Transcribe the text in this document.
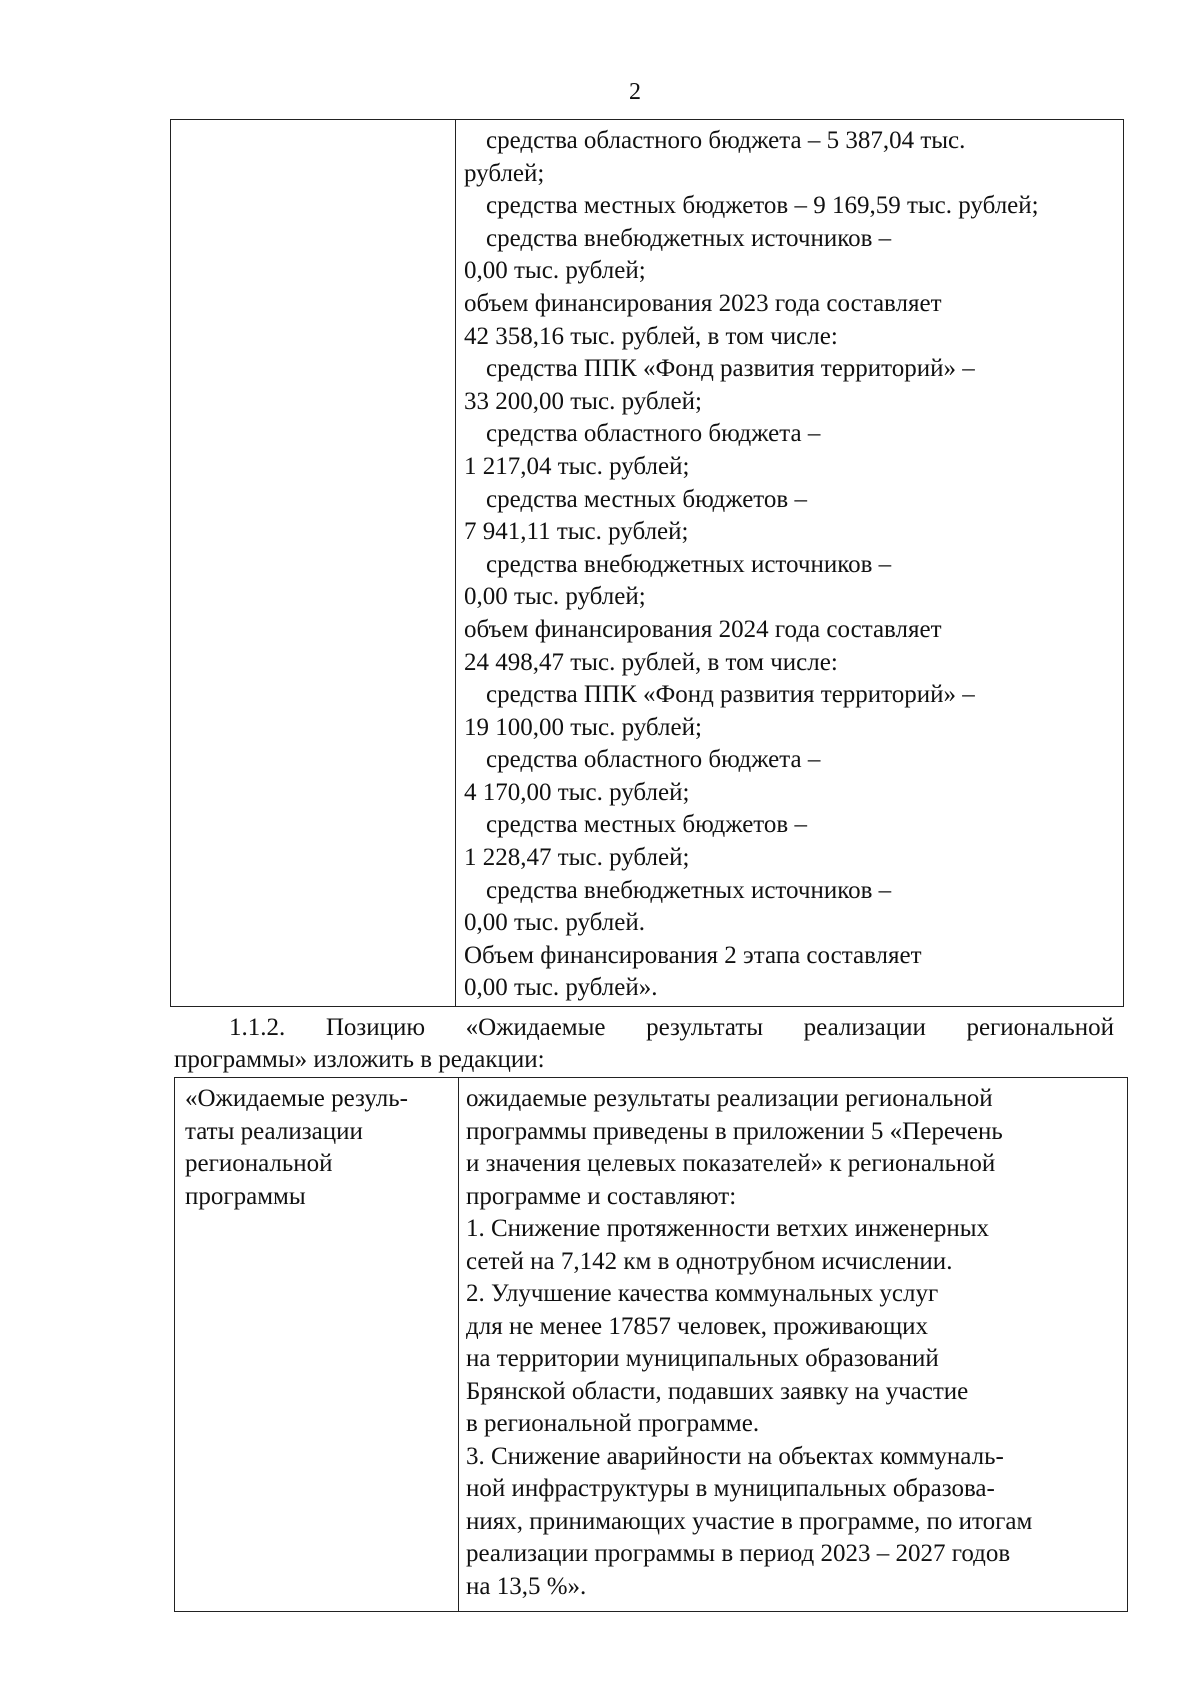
2
средства областного бюджета – 5 387,04 тыс.
рублей;
средства местных бюджетов – 9 169,59 тыс. рублей;
средства внебюджетных источников –
0,00 тыс. рублей;
объем финансирования 2023 года составляет
42 358,16 тыс. рублей, в том числе:
средства ППК «Фонд развития территорий» –
33 200,00 тыс. рублей;
средства областного бюджета –
1 217,04 тыс. рублей;
средства местных бюджетов –
7 941,11 тыс. рублей;
средства внебюджетных источников –
0,00 тыс. рублей;
объем финансирования 2024 года составляет
24 498,47 тыс. рублей, в том числе:
средства ППК «Фонд развития территорий» –
19 100,00 тыс. рублей;
средства областного бюджета –
4 170,00 тыс. рублей;
средства местных бюджетов –
1 228,47 тыс. рублей;
средства внебюджетных источников –
0,00 тыс. рублей.
Объем финансирования 2 этапа составляет
0,00 тыс. рублей».
1.1.2. Позицию «Ожидаемые результаты реализации региональной
программы» изложить в редакции:
«Ожидаемые резуль-
таты реализации
региональной
программы
ожидаемые результаты реализации региональной
программы приведены в приложении 5 «Перечень
и значения целевых показателей» к региональной
программе и составляют:
1. Снижение протяженности ветхих инженерных
сетей на 7,142 км в однотрубном исчислении.
2. Улучшение качества коммунальных услуг
для не менее 17857 человек, проживающих
на территории муниципальных образований
Брянской области, подавших заявку на участие
в региональной программе.
3. Снижение аварийности на объектах коммуналь-
ной инфраструктуры в муниципальных образова-
ниях, принимающих участие в программе, по итогам
реализации программы в период 2023 – 2027 годов
на 13,5 %».
